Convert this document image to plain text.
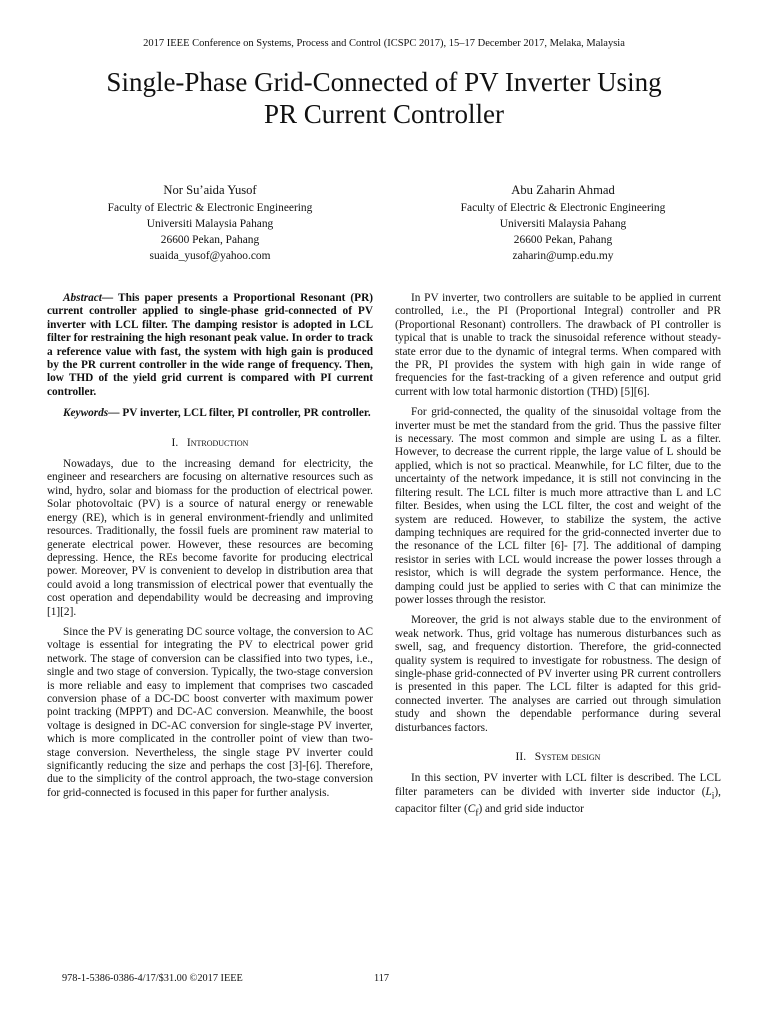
2017 IEEE Conference on Systems, Process and Control (ICSPC 2017), 15–17 December 2017, Melaka, Malaysia
Single-Phase Grid-Connected of PV Inverter Using
PR Current Controller
Nor Su’aida Yusof
Faculty of Electric & Electronic Engineering
Universiti Malaysia Pahang
26600 Pekan, Pahang
suaida_yusof@yahoo.com
Abu Zaharin Ahmad
Faculty of Electric & Electronic Engineering
Universiti Malaysia Pahang
26600 Pekan, Pahang
zaharin@ump.edu.my

Abstract— This paper presents a Proportional Resonant (PR) current controller applied to single-phase grid-connected of PV inverter with LCL filter. The damping resistor is adopted in LCL filter for restraining the high resonant peak value. In order to track a reference value with fast, the system with high gain is produced by the PR current controller in the wide range of frequency. Then, low THD of the yield grid current is compared with PI current controller.

Keywords— PV inverter, LCL filter, PI controller, PR controller.

I. Introduction

Nowadays, due to the increasing demand for electricity, the engineer and researchers are focusing on alternative resources such as wind, hydro, solar and biomass for the production of electrical power. Solar photovoltaic (PV) is a source of natural energy or renewable energy (RE), which is in general environment-friendly and unlimited resources. Traditionally, the fossil fuels are prominent raw material to generate electrical power. However, these resources are becoming depressing. Hence, the REs become favorite for producing electrical power. Moreover, PV is convenient to develop in distribution area that could avoid a long transmission of electrical power that eventually the cost operation and dependability would be decreasing and improving [1][2].

Since the PV is generating DC source voltage, the conversion to AC voltage is essential for integrating the PV to electrical power grid network. The stage of conversion can be classified into two types, i.e., single and two stage of conversion. Typically, the two-stage conversion is more reliable and easy to implement that comprises two cascaded conversion phase of a DC-DC boost converter with maximum power point tracking (MPPT) and DC-AC conversion. Meanwhile, the boost voltage is designed in DC-AC conversion for single-stage PV inverter, which is more complicated in the controller point of view than two-stage conversion. Nevertheless, the single stage PV inverter could significantly reducing the size and perhaps the cost [3]-[6]. Therefore, due to the simplicity of the control approach, the two-stage conversion for grid-connected is focused in this paper for further analysis.

In PV inverter, two controllers are suitable to be applied in current controlled, i.e., the PI (Proportional Integral) controller and PR (Proportional Resonant) controllers. The drawback of PI controller is typical that is unable to track the sinusoidal reference without steady-state error due to the dynamic of integral terms. When compared with the PR, PI provides the system with high gain in wide range of frequencies for the fast-tracking of a given reference and output grid current with low total harmonic distortion (THD) [5][6].

For grid-connected, the quality of the sinusoidal voltage from the inverter must be met the standard from the grid. Thus the passive filter is necessary. The most common and simple are using L as a filter. However, to decrease the current ripple, the large value of L should be applied, which is not so practical. Meanwhile, for LC filter, due to the uncertainty of the network impedance, it is still not convincing in the filtering result. The LCL filter is much more attractive than L and LC filter. Besides, when using the LCL filter, the cost and weight of the system are reduced. However, to stabilize the system, the active damping techniques are required for the grid-connected inverter due to the resonance of the LCL filter [6]- [7]. The additional of damping resistor in series with LCL would increase the power losses through a resistor, which is will degrade the system performance. Hence, the damping could just be applied to series with C that can minimize the power losses through the resistor.

Moreover, the grid is not always stable due to the environment of weak network. Thus, grid voltage has numerous disturbances such as swell, sag, and frequency distortion. Therefore, the grid-connected quality system is required to investigate for robustness. The design of single-phase grid-connected of PV inverter using PR current controllers is presented in this paper. The LCL filter is adapted for this grid-connected inverter. The analyses are carried out through simulation study and shown the dependable performance during several disturbances factors.

II. System design

In this section, PV inverter with LCL filter is described. The LCL filter parameters can be divided with inverter side inductor $(L_i)$, capacitor filter $(C_f)$ and grid side inductor

978-1-5386-0386-4/17/$31.00 ©2017 IEEE	117
